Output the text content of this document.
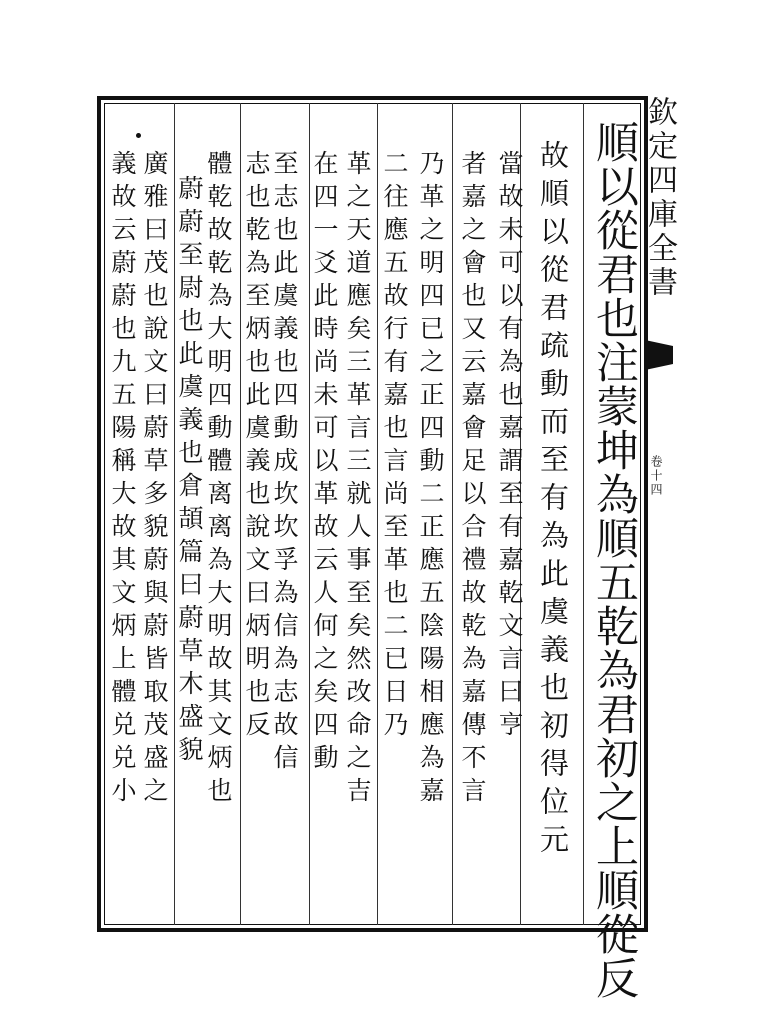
欽定四庫全書
卷十四
順以從君也注蒙坤為順五乾為君初之上順從反
故順以從君疏動而至有為此虞義也初得位元
當故未可以有為也嘉謂至有嘉乾文言曰亨
者嘉之會也又云嘉會足以合禮故乾為嘉傳不言
乃革之明四已之正四動二正應五陰陽相應為嘉
二往應五故行有嘉也言尚至革也二已日乃
革之天道應矣三革言三就人事至矣然改命之吉
在四一爻此時尚未可以革故云人何之矣四動
至志也此虞義也四動成坎坎孚為信為志故信
志也乾為至炳也此虞義也說文曰炳明也反
體乾故乾為大明四動體离离為大明故其文炳也
蔚蔚至尉也此虞義也倉頡篇曰蔚草木盛貌
廣雅曰茂也說文曰蔚草多貌蔚與蔚皆取茂盛之
義故云蔚蔚也九五陽稱大故其文炳上體兑兑小
